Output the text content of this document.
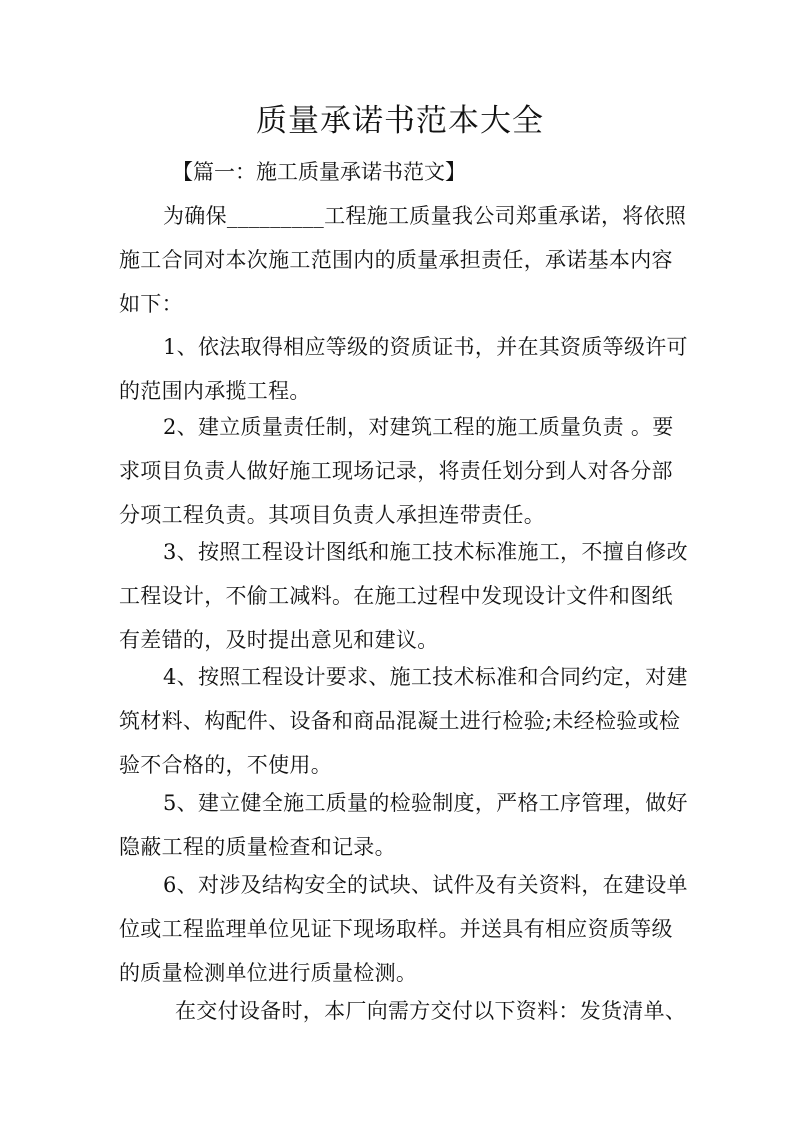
质量承诺书范本大全

【篇一：施工质量承诺书范文】

为确保_________工程施工质量我公司郑重承诺，将依照施工合同对本次施工范围内的质量承担责任，承诺基本内容如下：

1、依法取得相应等级的资质证书，并在其资质等级许可的范围内承揽工程。

2、建立质量责任制，对建筑工程的施工质量负责 。要求项目负责人做好施工现场记录，将责任划分到人对各分部分项工程负责。其项目负责人承担连带责任。

3、按照工程设计图纸和施工技术标准施工，不擅自修改工程设计，不偷工减料。在施工过程中发现设计文件和图纸有差错的，及时提出意见和建议。

4、按照工程设计要求、施工技术标准和合同约定，对建筑材料、构配件、设备和商品混凝土进行检验;未经检验或检验不合格的，不使用。

5、建立健全施工质量的检验制度，严格工序管理，做好隐蔽工程的质量检查和记录。

6、对涉及结构安全的试块、试件及有关资料，在建设单位或工程监理单位见证下现场取样。并送具有相应资质等级的质量检测单位进行质量检测。

在交付设备时，本厂向需方交付以下资料：发货清单、
